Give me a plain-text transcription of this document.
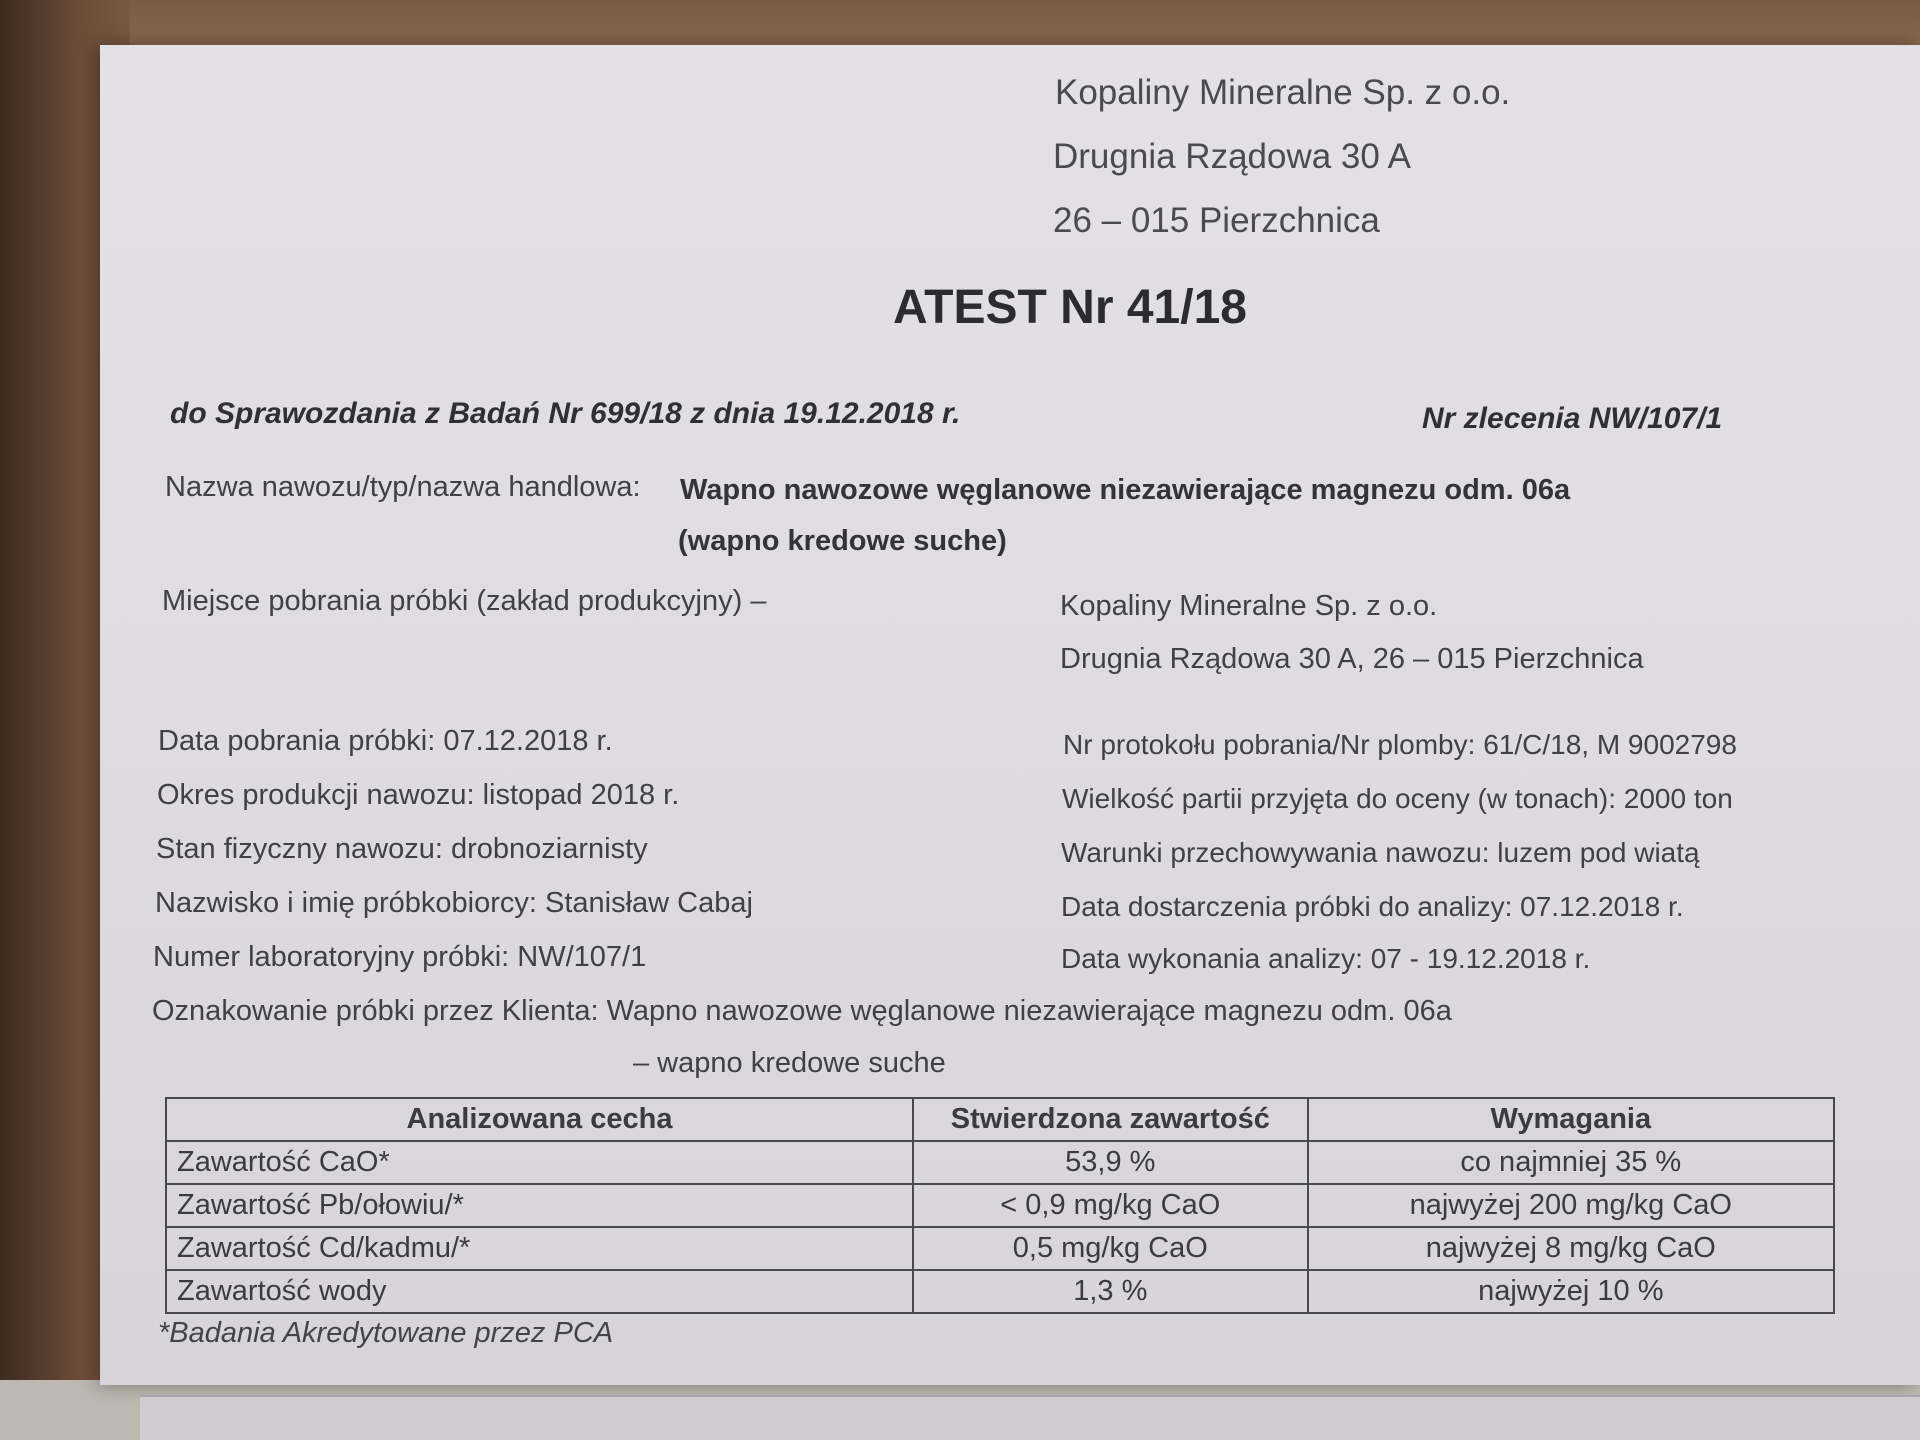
Kopaliny Mineralne Sp. z o.o.
Drugnia Rządowa 30 A
26 – 015 Pierzchnica
ATEST Nr 41/18
do Sprawozdania z Badań Nr 699/18 z dnia 19.12.2018 r.	Nr zlecenia NW/107/1
Nazwa nawozu/typ/nazwa handlowa: Wapno nawozowe węglanowe niezawierające magnezu odm. 06a
(wapno kredowe suche)
Miejsce pobrania próbki (zakład produkcyjny) –	Kopaliny Mineralne Sp. z o.o.
Drugnia Rządowa 30 A, 26 – 015 Pierzchnica
Data pobrania próbki: 07.12.2018 r.
Okres produkcji nawozu: listopad 2018 r.
Stan fizyczny nawozu: drobnoziarnisty
Nazwisko i imię próbkobiorcy: Stanisław Cabaj
Numer laboratoryjny próbki: NW/107/1
Nr protokołu pobrania/Nr plomby: 61/C/18, M 9002798
Wielkość partii przyjęta do oceny (w tonach): 2000 ton
Warunki przechowywania nawozu: luzem pod wiatą
Data dostarczenia próbki do analizy: 07.12.2018 r.
Data wykonania analizy: 07 - 19.12.2018 r.
Oznakowanie próbki przez Klienta: Wapno nawozowe węglanowe niezawierające magnezu odm. 06a
– wapno kredowe suche
Analizowana cecha	Stwierdzona zawartość	Wymagania
Zawartość CaO*	53,9 %	co najmniej 35 %
Zawartość Pb/ołowiu/*	< 0,9 mg/kg CaO	najwyżej 200 mg/kg CaO
Zawartość Cd/kadmu/*	0,5 mg/kg CaO	najwyżej 8 mg/kg CaO
Zawartość wody	1,3 %	najwyżej 10 %
*Badania Akredytowane przez PCA
